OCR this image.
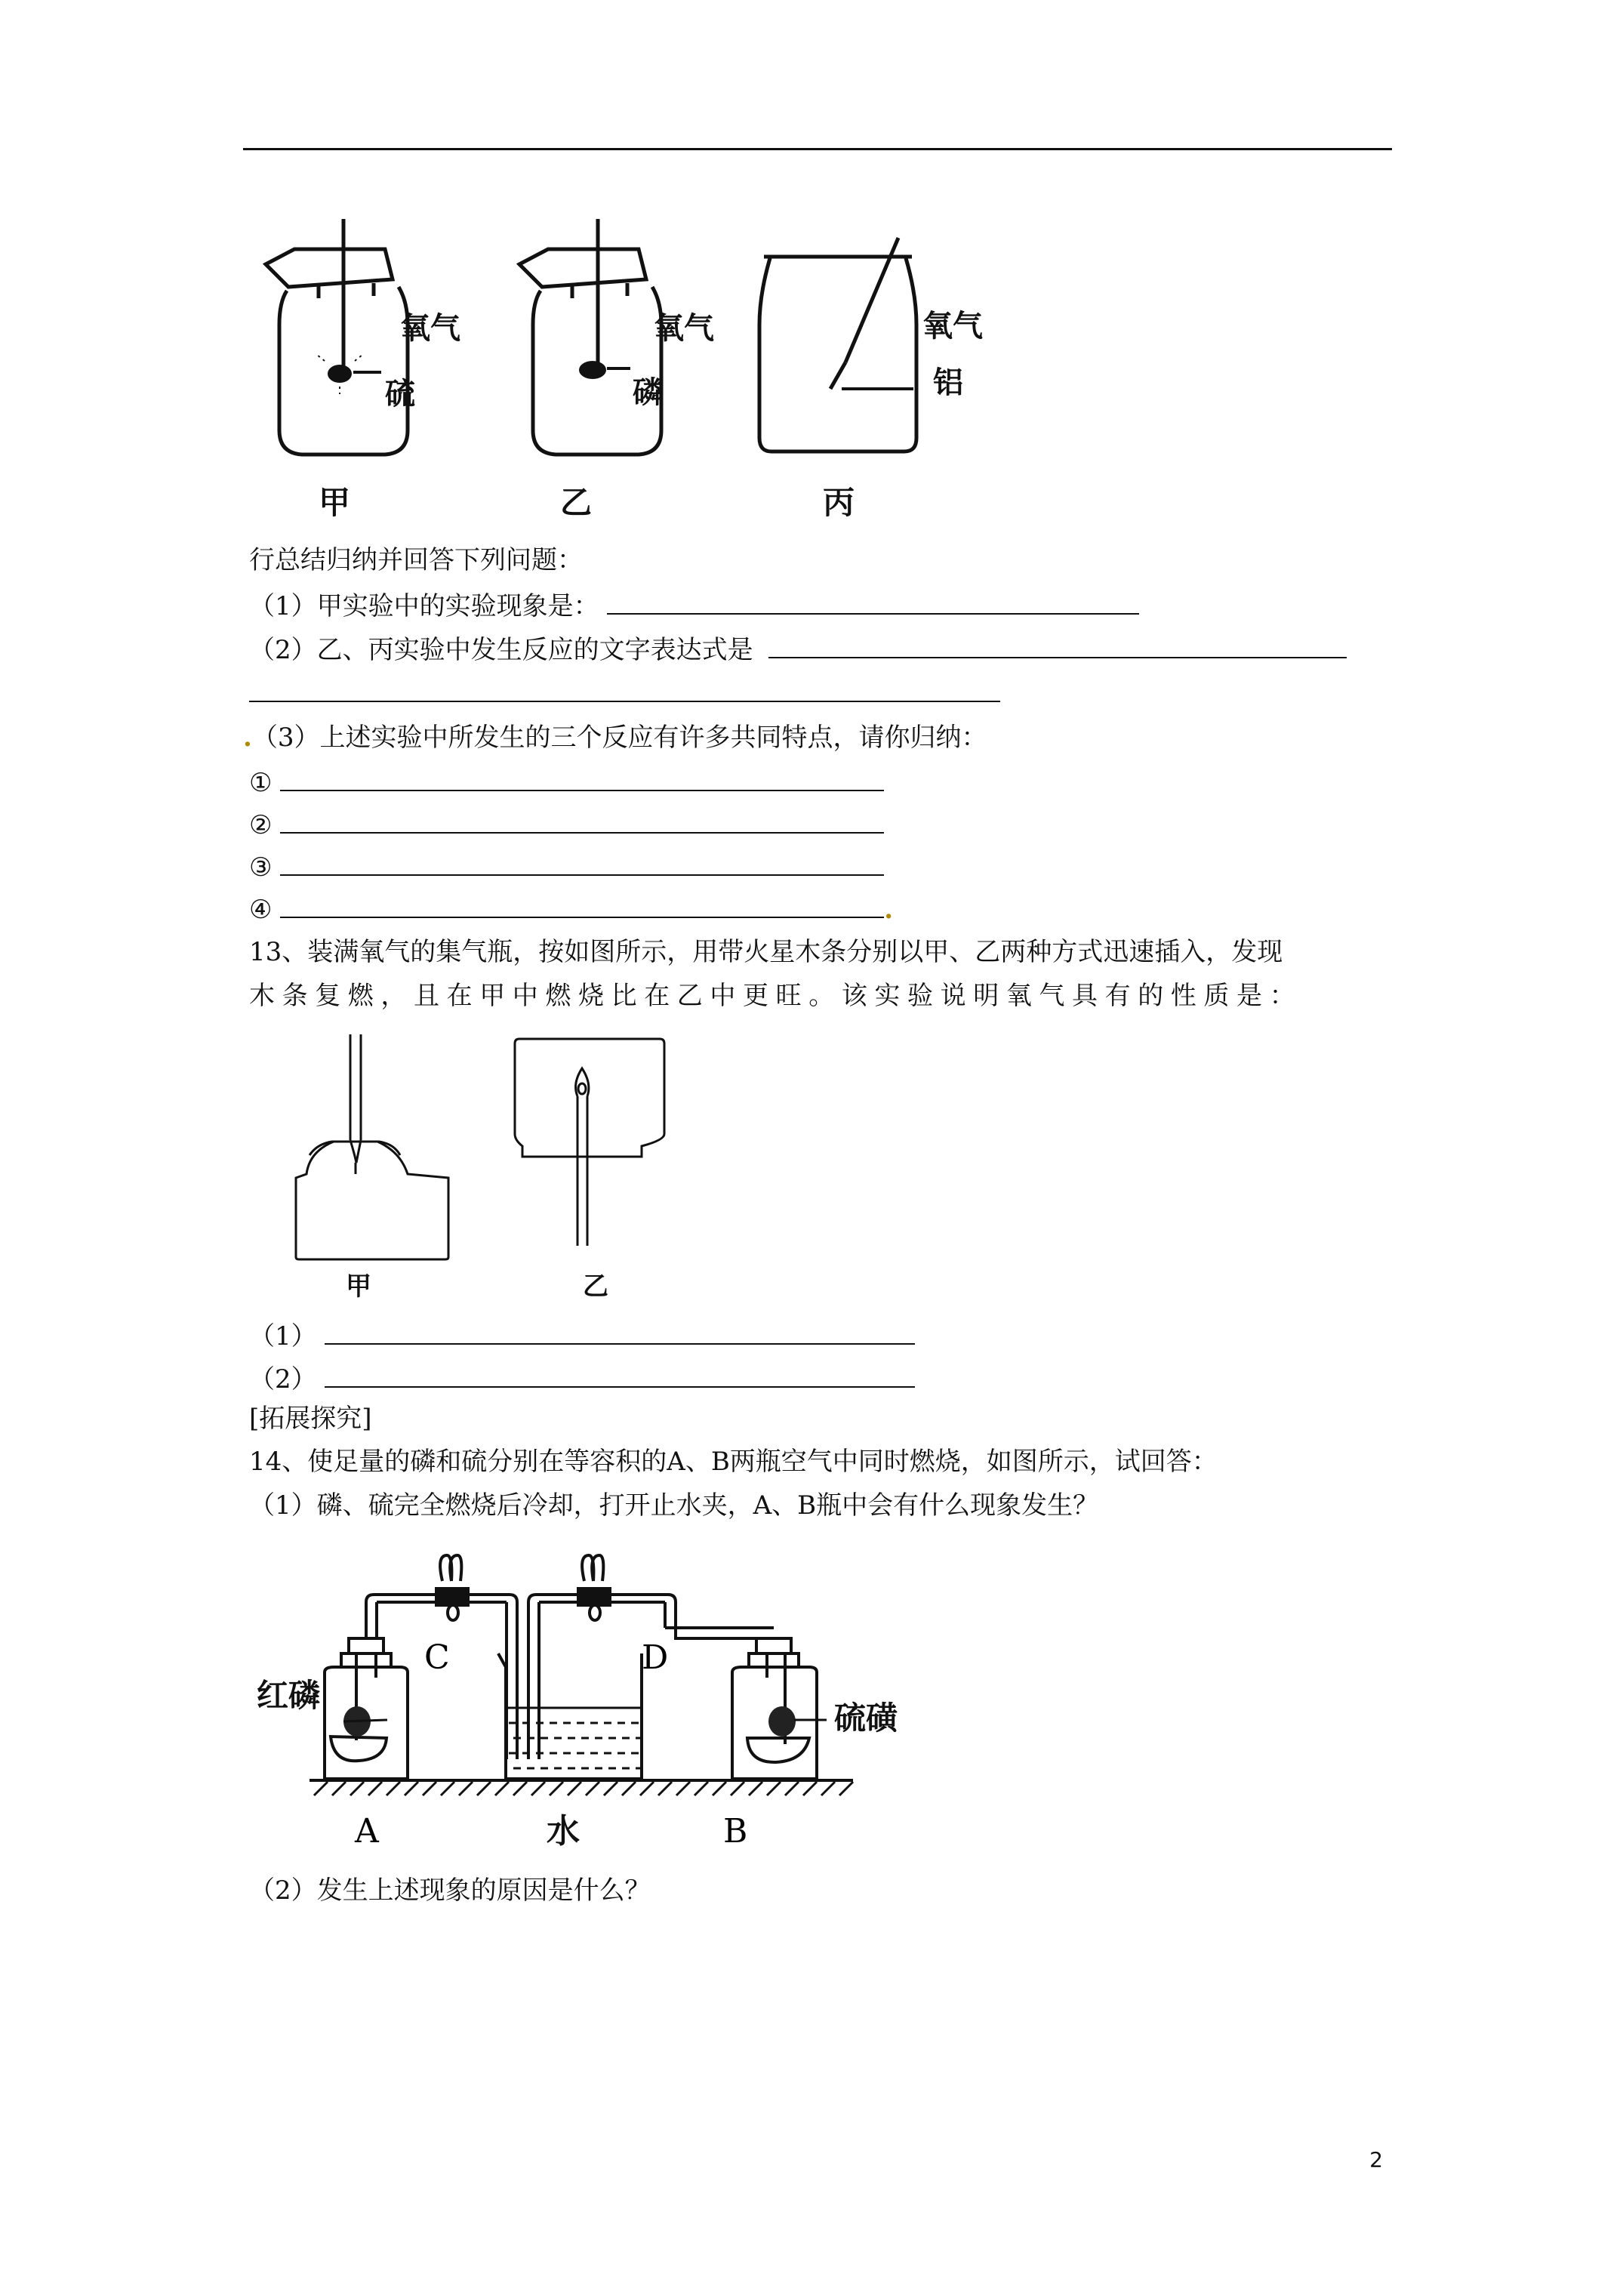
氧气
硫
甲
氧气
磷
乙
氧气
铝
丙
行总结归纳并回答下列问题：
（1）甲实验中的实验现象是：
（2）乙、丙实验中发生反应的文字表达式是
.（3）上述实验中所发生的三个反应有许多共同特点，请你归纳：
①
②
③
④	.
13、装满氧气的集气瓶，按如图所示，用带火星木条分别以甲、乙两种方式迅速插入，发现
木条复燃，且在甲中燃烧比在乙中更旺。该实验说明氧气具有的性质是：
甲	乙
（1）
（2）
[拓展探究]
14、使足量的磷和硫分别在等容积的A、B两瓶空气中同时燃烧，如图所示，试回答：
（1）磷、硫完全燃烧后冷却，打开止水夹，A、B瓶中会有什么现象发生？
红磷
硫磺
C	D
A	水	B
（2）发生上述现象的原因是什么？
2
